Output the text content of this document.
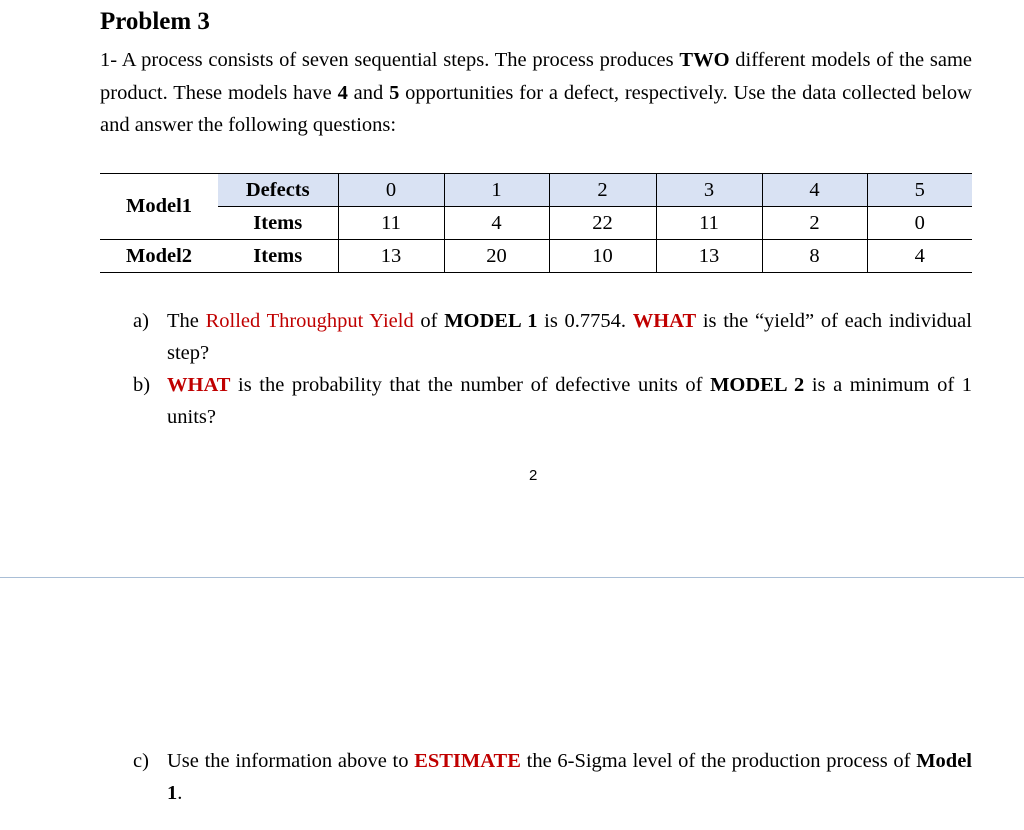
Problem 3
1- A process consists of seven sequential steps. The process produces TWO different models of the same product. These models have 4 and 5 opportunities for a defect, respectively. Use the data collected below and answer the following questions:
Model1	Defects	0	1	2	3	4	5
	Items	11	4	22	11	2	0
Model2	Items	13	20	10	13	8	4
a) The Rolled Throughput Yield of MODEL 1 is 0.7754. WHAT is the “yield” of each individual step?
b) WHAT is the probability that the number of defective units of MODEL 2 is a minimum of 1 units?
2
c) Use the information above to ESTIMATE the 6-Sigma level of the production process of Model 1.
